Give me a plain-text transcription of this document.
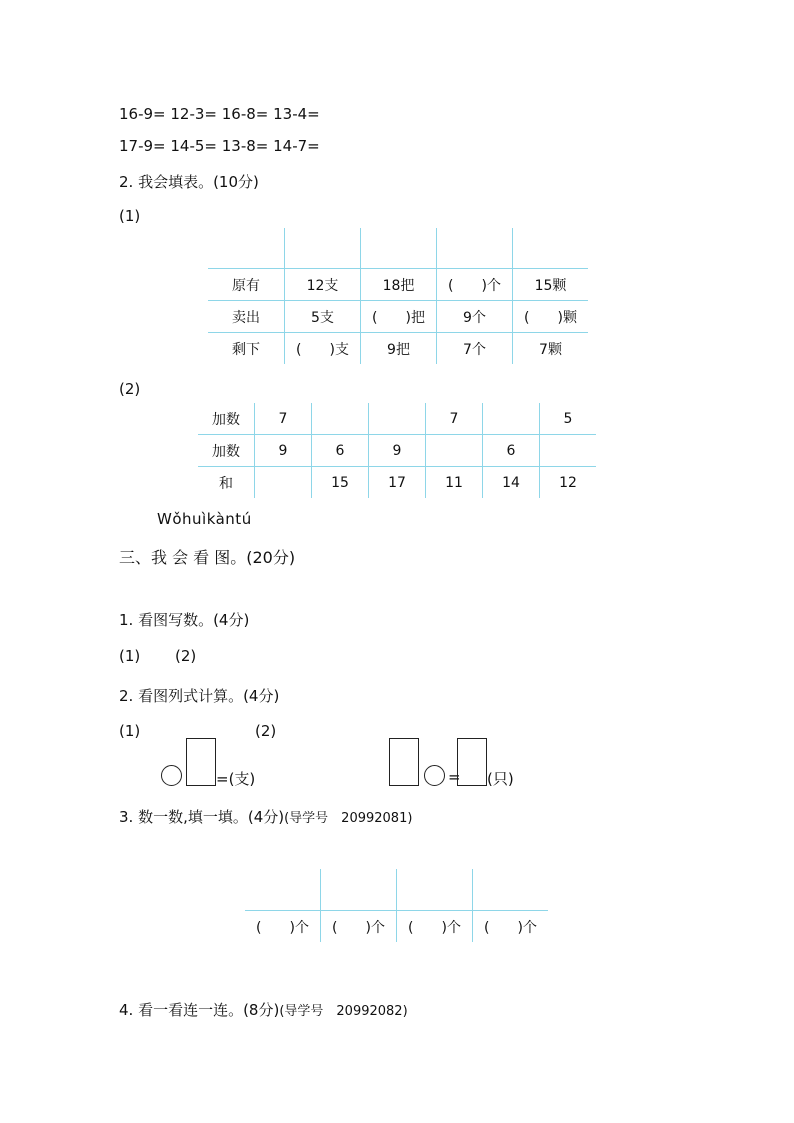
16-9= 12-3= 16-8= 13-4=
17-9= 14-5= 13-8= 14-7=
2. 我会填表。(10分)
(1)

原有	12支	18把	(　　)个	15颗
卖出	5支	(　　)把	9个	(　　)颗
剩下	(　　)支	9把	7个	7颗
(2)
加数	7			7		5
加数	9	6	9		6	
和		15	17	11	14	12
Wǒhuìkàntú
三、我 会 看 图。(20分)
1. 看图写数。(4分)
(1)　　 (2)
2. 看图列式计算。(4分)
(1)	(2)
=(支)	= (只)
3. 数一数,填一填。(4分)(导学号　20992081)

(　　)个	(　　)个	(　　)个	(　　)个
4. 看一看连一连。(8分)(导学号　20992082)
